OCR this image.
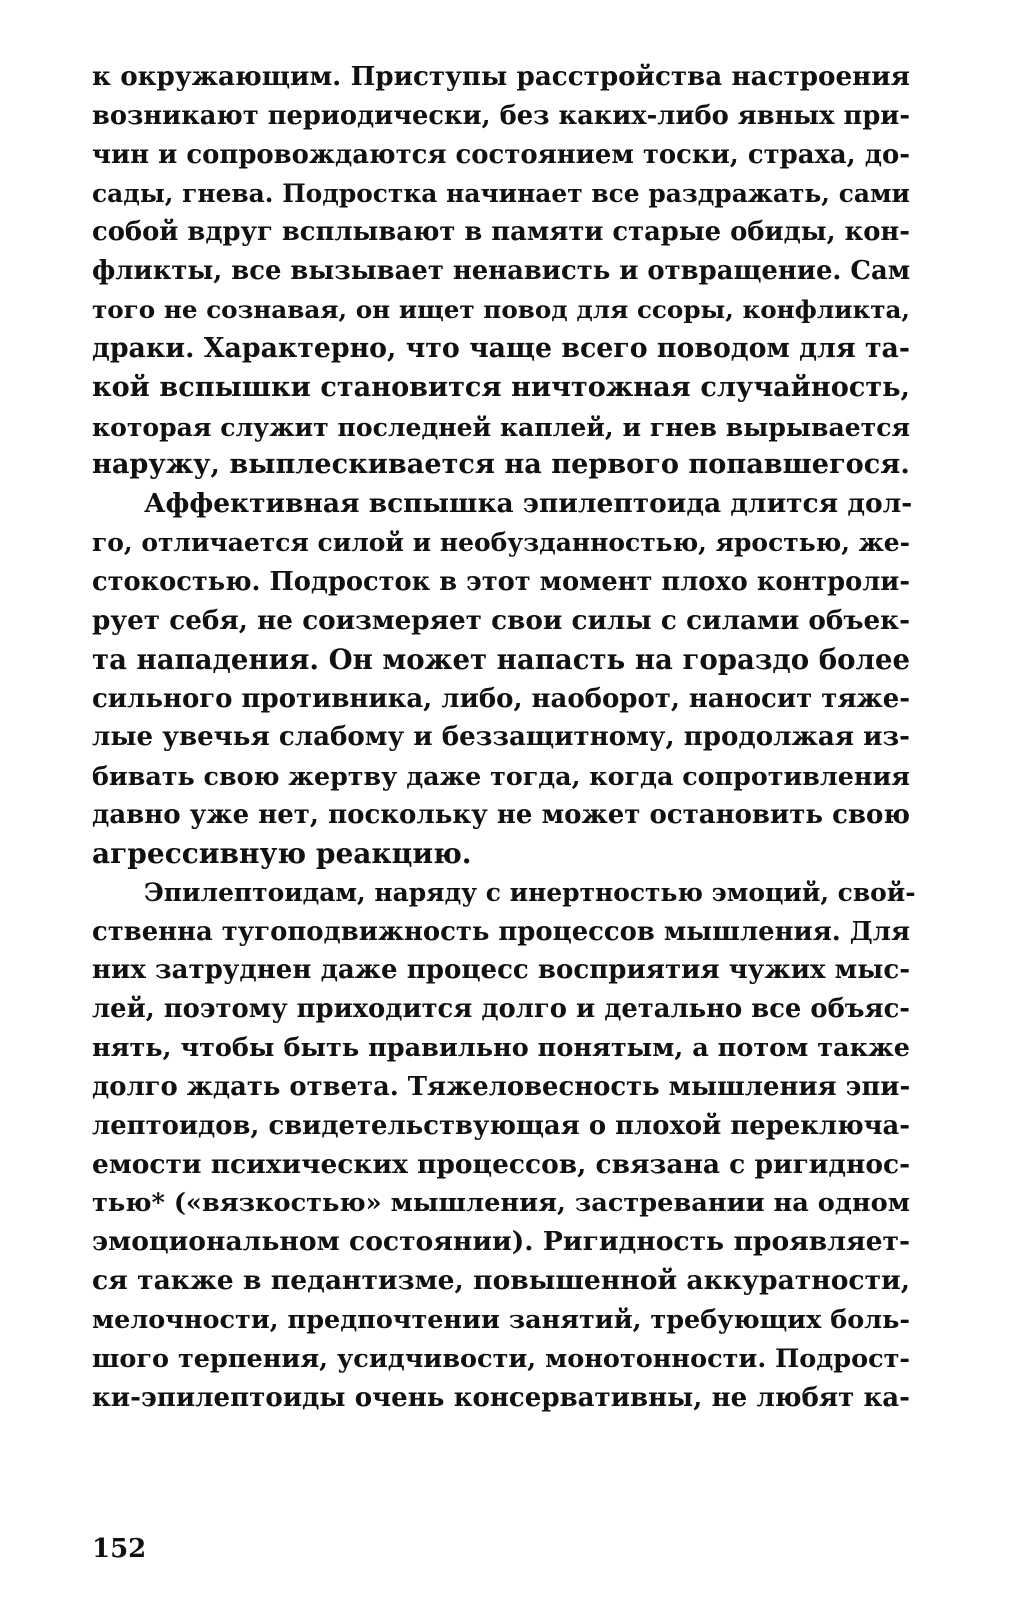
к окружающим. Приступы расстройства настроения
возникают периодически, без каких-либо явных при-
чин и сопровождаются состоянием тоски, страха, до-
сады, гнева. Подростка начинает все раздражать, сами
собой вдруг всплывают в памяти старые обиды, кон-
фликты, все вызывает ненависть и отвращение. Сам
того не сознавая, он ищет повод для ссоры, конфликта,
драки. Характерно, что чаще всего поводом для та-
кой вспышки становится ничтожная случайность,
которая служит последней каплей, и гнев вырывается
наружу, выплескивается на первого попавшегося.
Аффективная вспышка эпилептоида длится дол-
го, отличается силой и необузданностью, яростью, же-
стокостью. Подросток в этот момент плохо контроли-
рует себя, не соизмеряет свои силы с силами объек-
та нападения. Он может напасть на гораздо более
сильного противника, либо, наоборот, наносит тяже-
лые увечья слабому и беззащитному, продолжая из-
бивать свою жертву даже тогда, когда сопротивления
давно уже нет, поскольку не может остановить свою
агрессивную реакцию.
Эпилептоидам, наряду с инертностью эмоций, свой-
ственна тугоподвижность процессов мышления. Для
них затруднен даже процесс восприятия чужих мыс-
лей, поэтому приходится долго и детально все объяс-
нять, чтобы быть правильно понятым, а потом также
долго ждать ответа. Тяжеловесность мышления эпи-
лептоидов, свидетельствующая о плохой переключа-
емости психических процессов, связана с ригиднос-
тью* («вязкостью» мышления, застревании на одном
эмоциональном состоянии). Ригидность проявляет-
ся также в педантизме, повышенной аккуратности,
мелочности, предпочтении занятий, требующих боль-
шого терпения, усидчивости, монотонности. Подрост-
ки-эпилептоиды очень консервативны, не любят ка-
152
